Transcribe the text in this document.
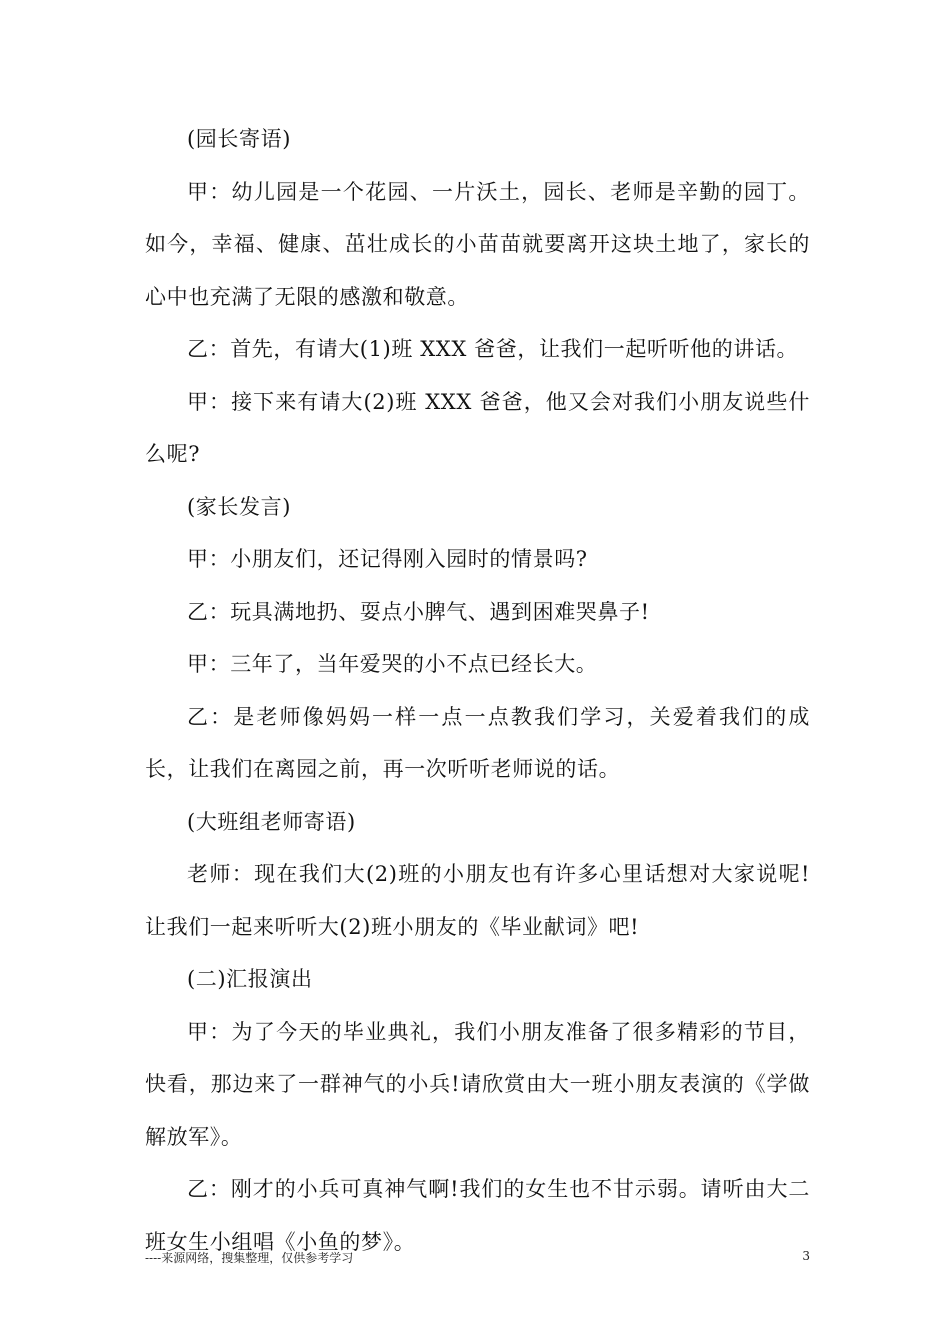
(园长寄语)

甲：幼儿园是一个花园、一片沃土，园长、老师是辛勤的园丁。如今，幸福、健康、茁壮成长的小苗苗就要离开这块土地了，家长的心中也充满了无限的感激和敬意。

乙：首先，有请大(1)班 XXX 爸爸，让我们一起听听他的讲话。

甲：接下来有请大(2)班 XXX 爸爸，他又会对我们小朋友说些什么呢?

(家长发言)

甲：小朋友们，还记得刚入园时的情景吗?

乙：玩具满地扔、耍点小脾气、遇到困难哭鼻子!

甲：三年了，当年爱哭的小不点已经长大。

乙：是老师像妈妈一样一点一点教我们学习，关爱着我们的成长，让我们在离园之前，再一次听听老师说的话。

(大班组老师寄语)

老师：现在我们大(2)班的小朋友也有许多心里话想对大家说呢!让我们一起来听听大(2)班小朋友的《毕业献词》吧!

(二)汇报演出

甲：为了今天的毕业典礼，我们小朋友准备了很多精彩的节目，快看，那边来了一群神气的小兵!请欣赏由大一班小朋友表演的《学做解放军》。

乙：刚才的小兵可真神气啊!我们的女生也不甘示弱。请听由大二班女生小组唱《小鱼的梦》。

----来源网络，搜集整理，仅供参考学习	3
